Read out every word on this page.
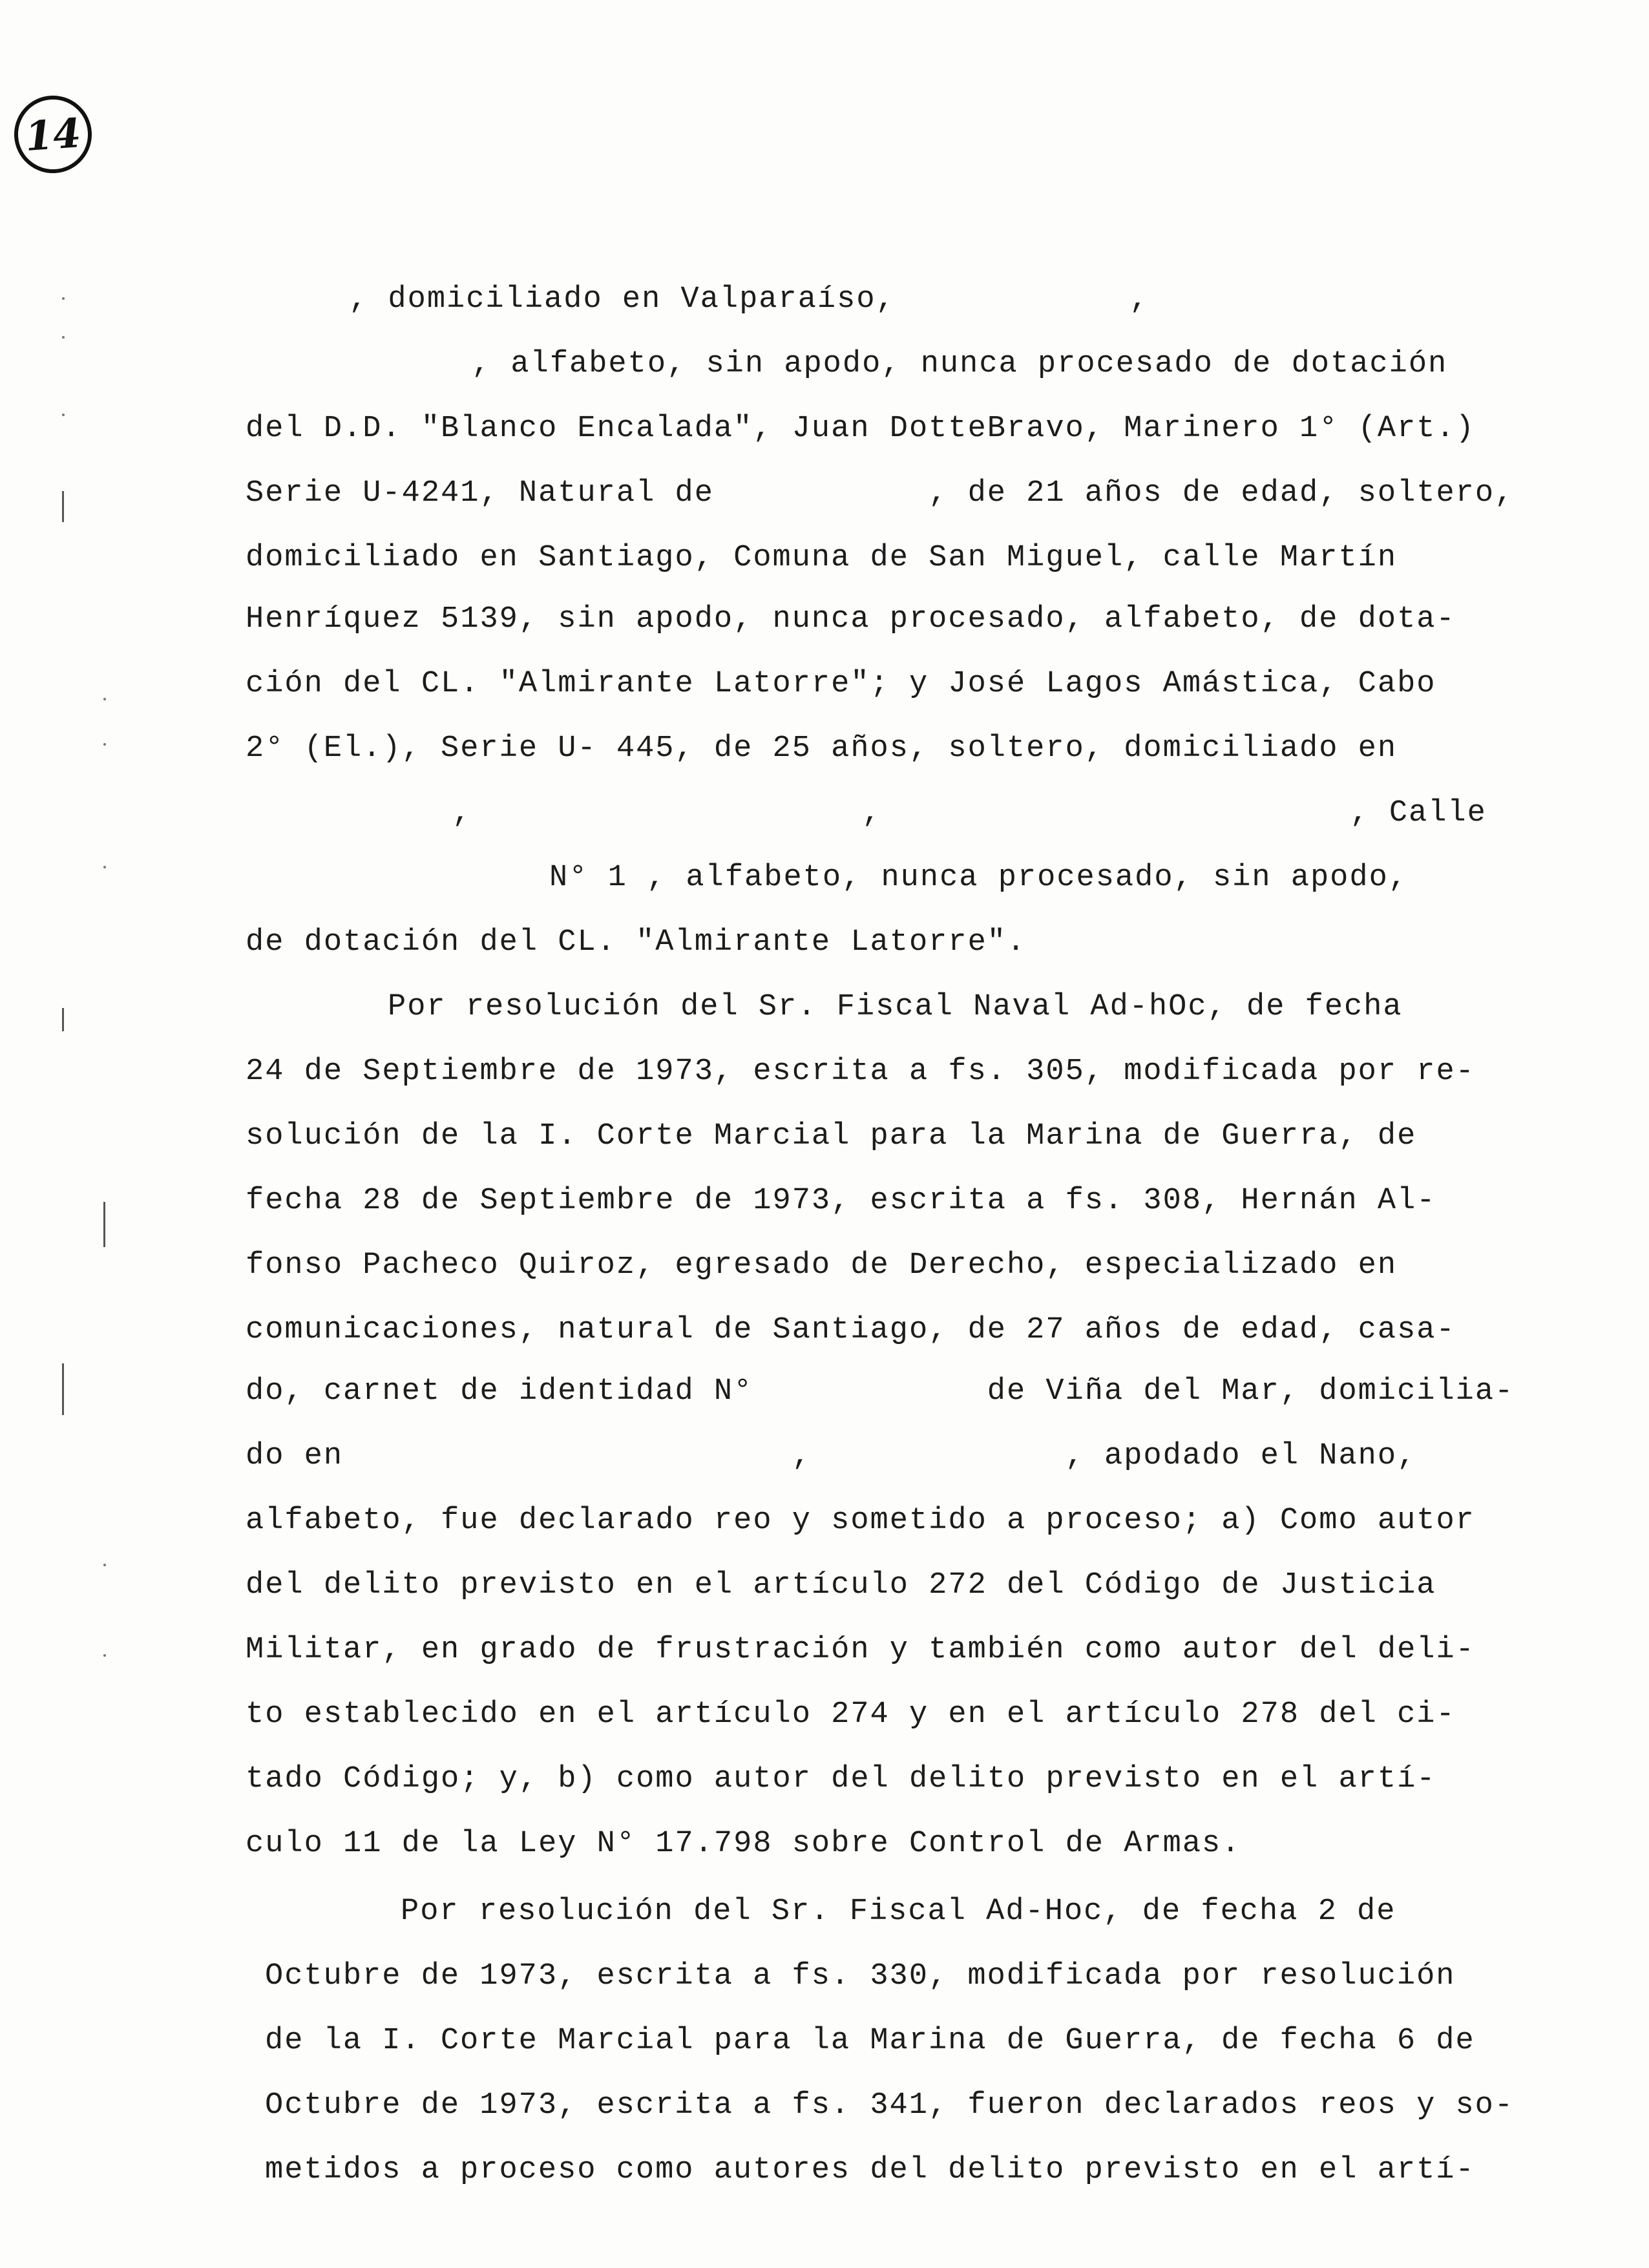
14
, domiciliado en Valparaíso,            ,
, alfabeto, sin apodo, nunca procesado de dotación
del D.D. "Blanco Encalada", Juan DotteBravo, Marinero 1° (Art.)
Serie U-4241, Natural de           , de 21 años de edad, soltero,
domiciliado en Santiago, Comuna de San Miguel, calle Martín
Henríquez 5139, sin apodo, nunca procesado, alfabeto, de dota-
ción del CL. "Almirante Latorre"; y José Lagos Amástica, Cabo
2° (El.), Serie U- 445, de 25 años, soltero, domiciliado en
,                    ,                        , Calle
N° 1 , alfabeto, nunca procesado, sin apodo,
de dotación del CL. "Almirante Latorre".
Por resolución del Sr. Fiscal Naval Ad-hOc, de fecha
24 de Septiembre de 1973, escrita a fs. 305, modificada por re-
solución de la I. Corte Marcial para la Marina de Guerra, de
fecha 28 de Septiembre de 1973, escrita a fs. 308, Hernán Al-
fonso Pacheco Quiroz, egresado de Derecho, especializado en
comunicaciones, natural de Santiago, de 27 años de edad, casa-
do, carnet de identidad N°            de Viña del Mar, domicilia-
do en                       ,             , apodado el Nano,
alfabeto, fue declarado reo y sometido a proceso; a) Como autor
del delito previsto en el artículo 272 del Código de Justicia
Militar, en grado de frustración y también como autor del deli-
to establecido en el artículo 274 y en el artículo 278 del ci-
tado Código; y, b) como autor del delito previsto en el artí-
culo 11 de la Ley N° 17.798 sobre Control de Armas.
Por resolución del Sr. Fiscal Ad-Hoc, de fecha 2 de
Octubre de 1973, escrita a fs. 330, modificada por resolución
de la I. Corte Marcial para la Marina de Guerra, de fecha 6 de
Octubre de 1973, escrita a fs. 341, fueron declarados reos y so-
metidos a proceso como autores del delito previsto en el artí-
